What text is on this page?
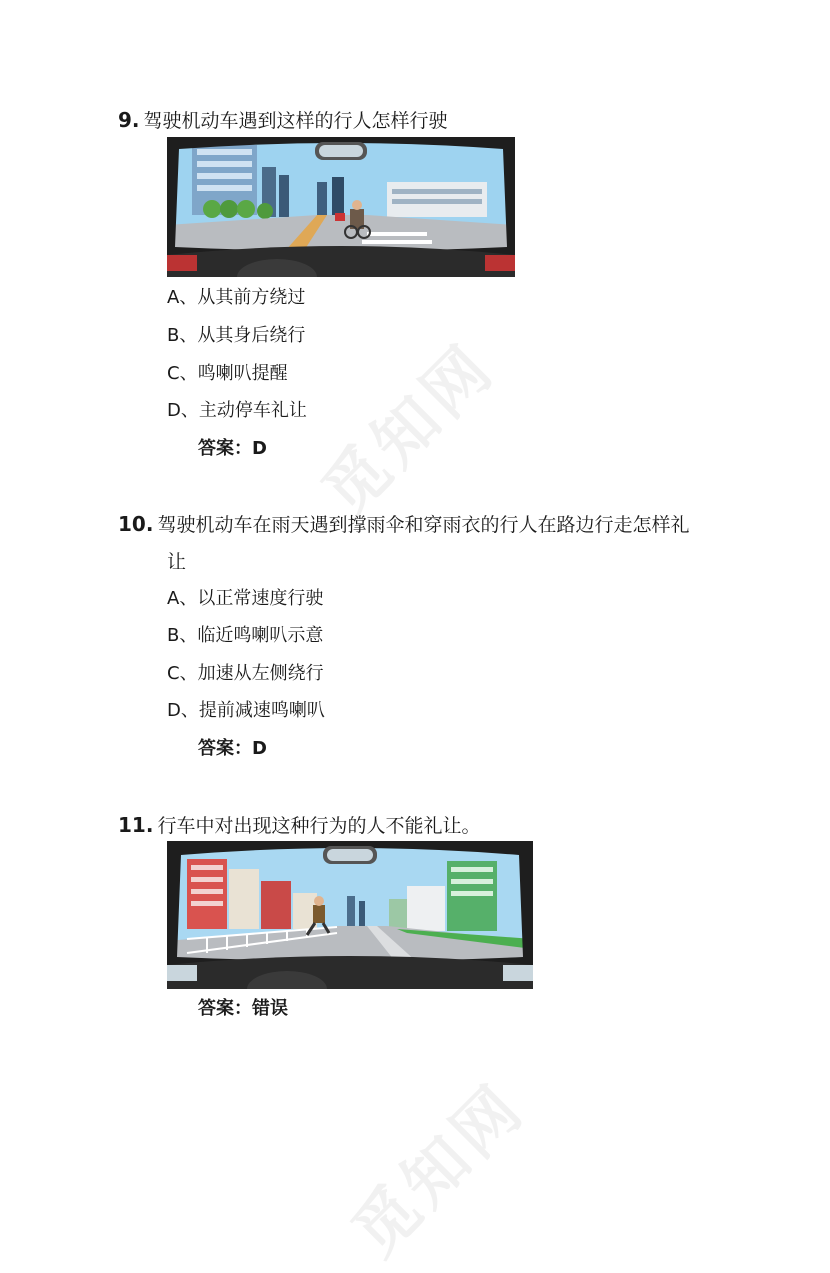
觅知网
觅知网
9. 驾驶机动车遇到这样的行人怎样行驶
A、从其前方绕过
B、从其身后绕行
C、鸣喇叭提醒
D、主动停车礼让
答案：D
10. 驾驶机动车在雨天遇到撑雨伞和穿雨衣的行人在路边行走怎样礼
让
A、以正常速度行驶
B、临近鸣喇叭示意
C、加速从左侧绕行
D、提前减速鸣喇叭
答案：D
11. 行车中对出现这种行为的人不能礼让。
答案：错误
